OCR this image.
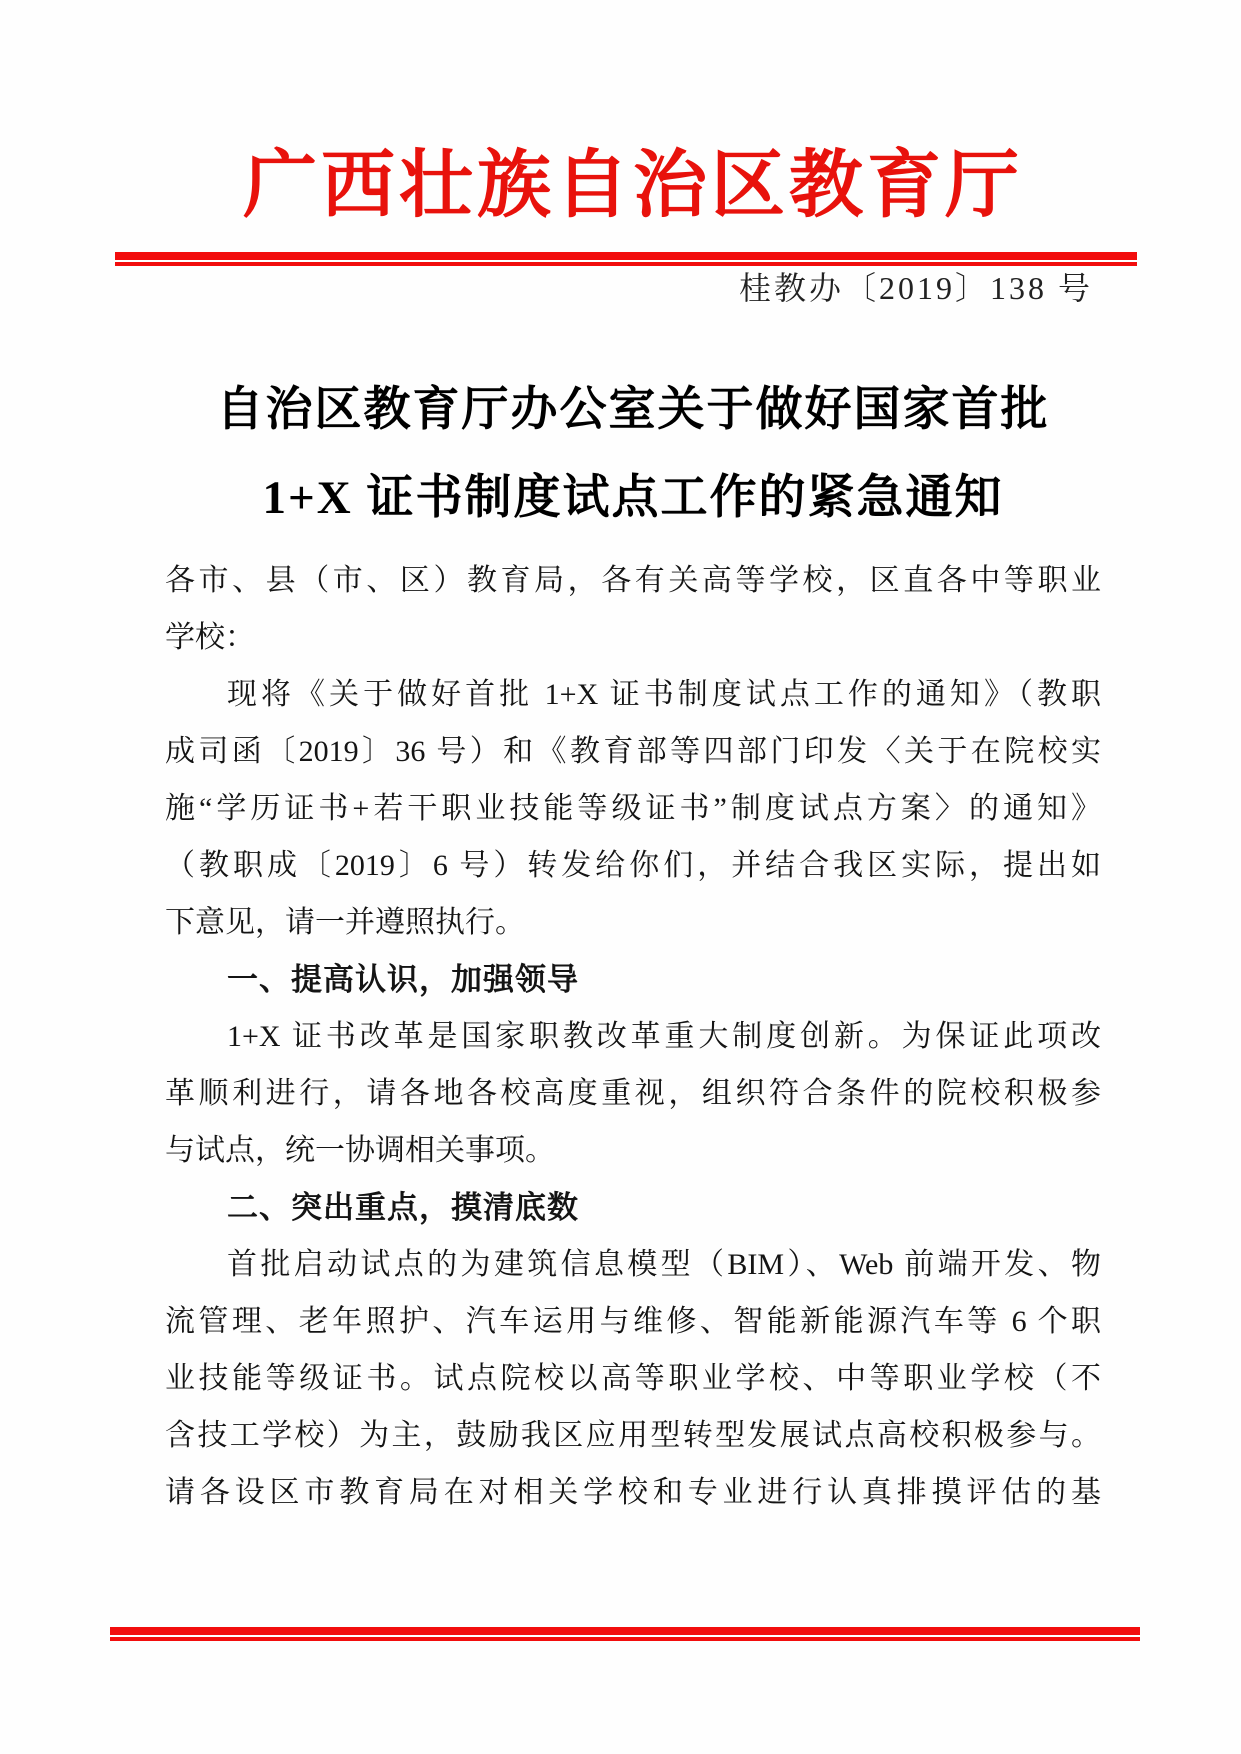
广西壮族自治区教育厅
桂教办〔2019〕138 号
自治区教育厅办公室关于做好国家首批
1+X 证书制度试点工作的紧急通知
各市、县（市、区）教育局，各有关高等学校，区直各中等职业
学校：
现将《关于做好首批 1+X 证书制度试点工作的通知》（教职
成司函〔2019〕36 号）和《教育部等四部门印发〈关于在院校实
施“学历证书+若干职业技能等级证书”制度试点方案〉的通知》
（教职成〔2019〕6 号）转发给你们，并结合我区实际，提出如
下意见，请一并遵照执行。
一、提高认识，加强领导
1+X 证书改革是国家职教改革重大制度创新。为保证此项改
革顺利进行，请各地各校高度重视，组织符合条件的院校积极参
与试点，统一协调相关事项。
二、突出重点，摸清底数
首批启动试点的为建筑信息模型（BIM）、Web 前端开发、物
流管理、老年照护、汽车运用与维修、智能新能源汽车等 6 个职
业技能等级证书。试点院校以高等职业学校、中等职业学校（不
含技工学校）为主，鼓励我区应用型转型发展试点高校积极参与。
请各设区市教育局在对相关学校和专业进行认真排摸评估的基
